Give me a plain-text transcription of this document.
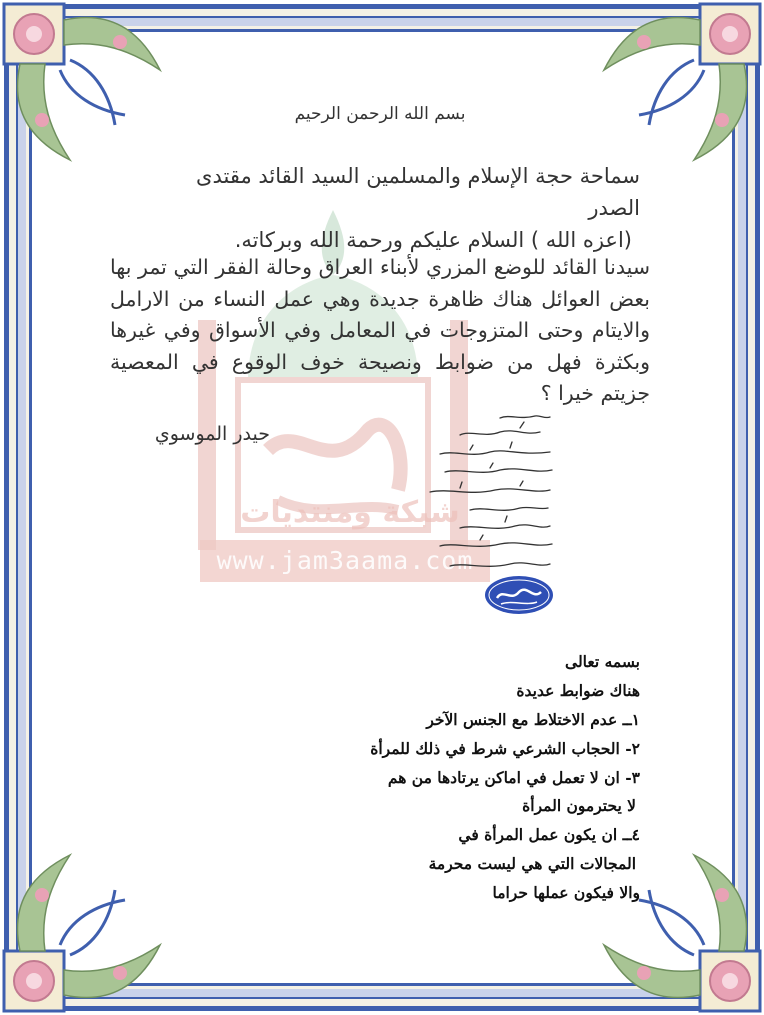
شبكة ومنتديات
www.jam3aama.com
بسم الله الرحمن الرحيم
سماحة حجة الإسلام والمسلمين السيد القائد مقتدى الصدر
(اعزه الله ) السلام عليكم ورحمة الله وبركاته.
سيدنا القائد للوضع المزري لأبناء العراق وحالة الفقر التي تمر بها بعض العوائل هناك ظاهرة جديدة وهي عمل النساء من الارامل والايتام وحتى المتزوجات في المعامل وفي الأسواق وفي غيرها وبكثرة فهل من ضوابط ونصيحة خوف الوقوع في المعصية جزيتم خيرا ؟
حيدر الموسوي
بسمه تعالى
هناك ضوابط عديدة
١ــ عدم الاختلاط مع الجنس الآخر
٢- الحجاب الشرعي شرط في ذلك للمرأة
٣- ان لا تعمل في اماكن يرتادها من هم
لا يحترمون المرأة
٤ــ ان يكون عمل المرأة في
المجالات التي هي ليست محرمة
والا فيكون عملها حراما
